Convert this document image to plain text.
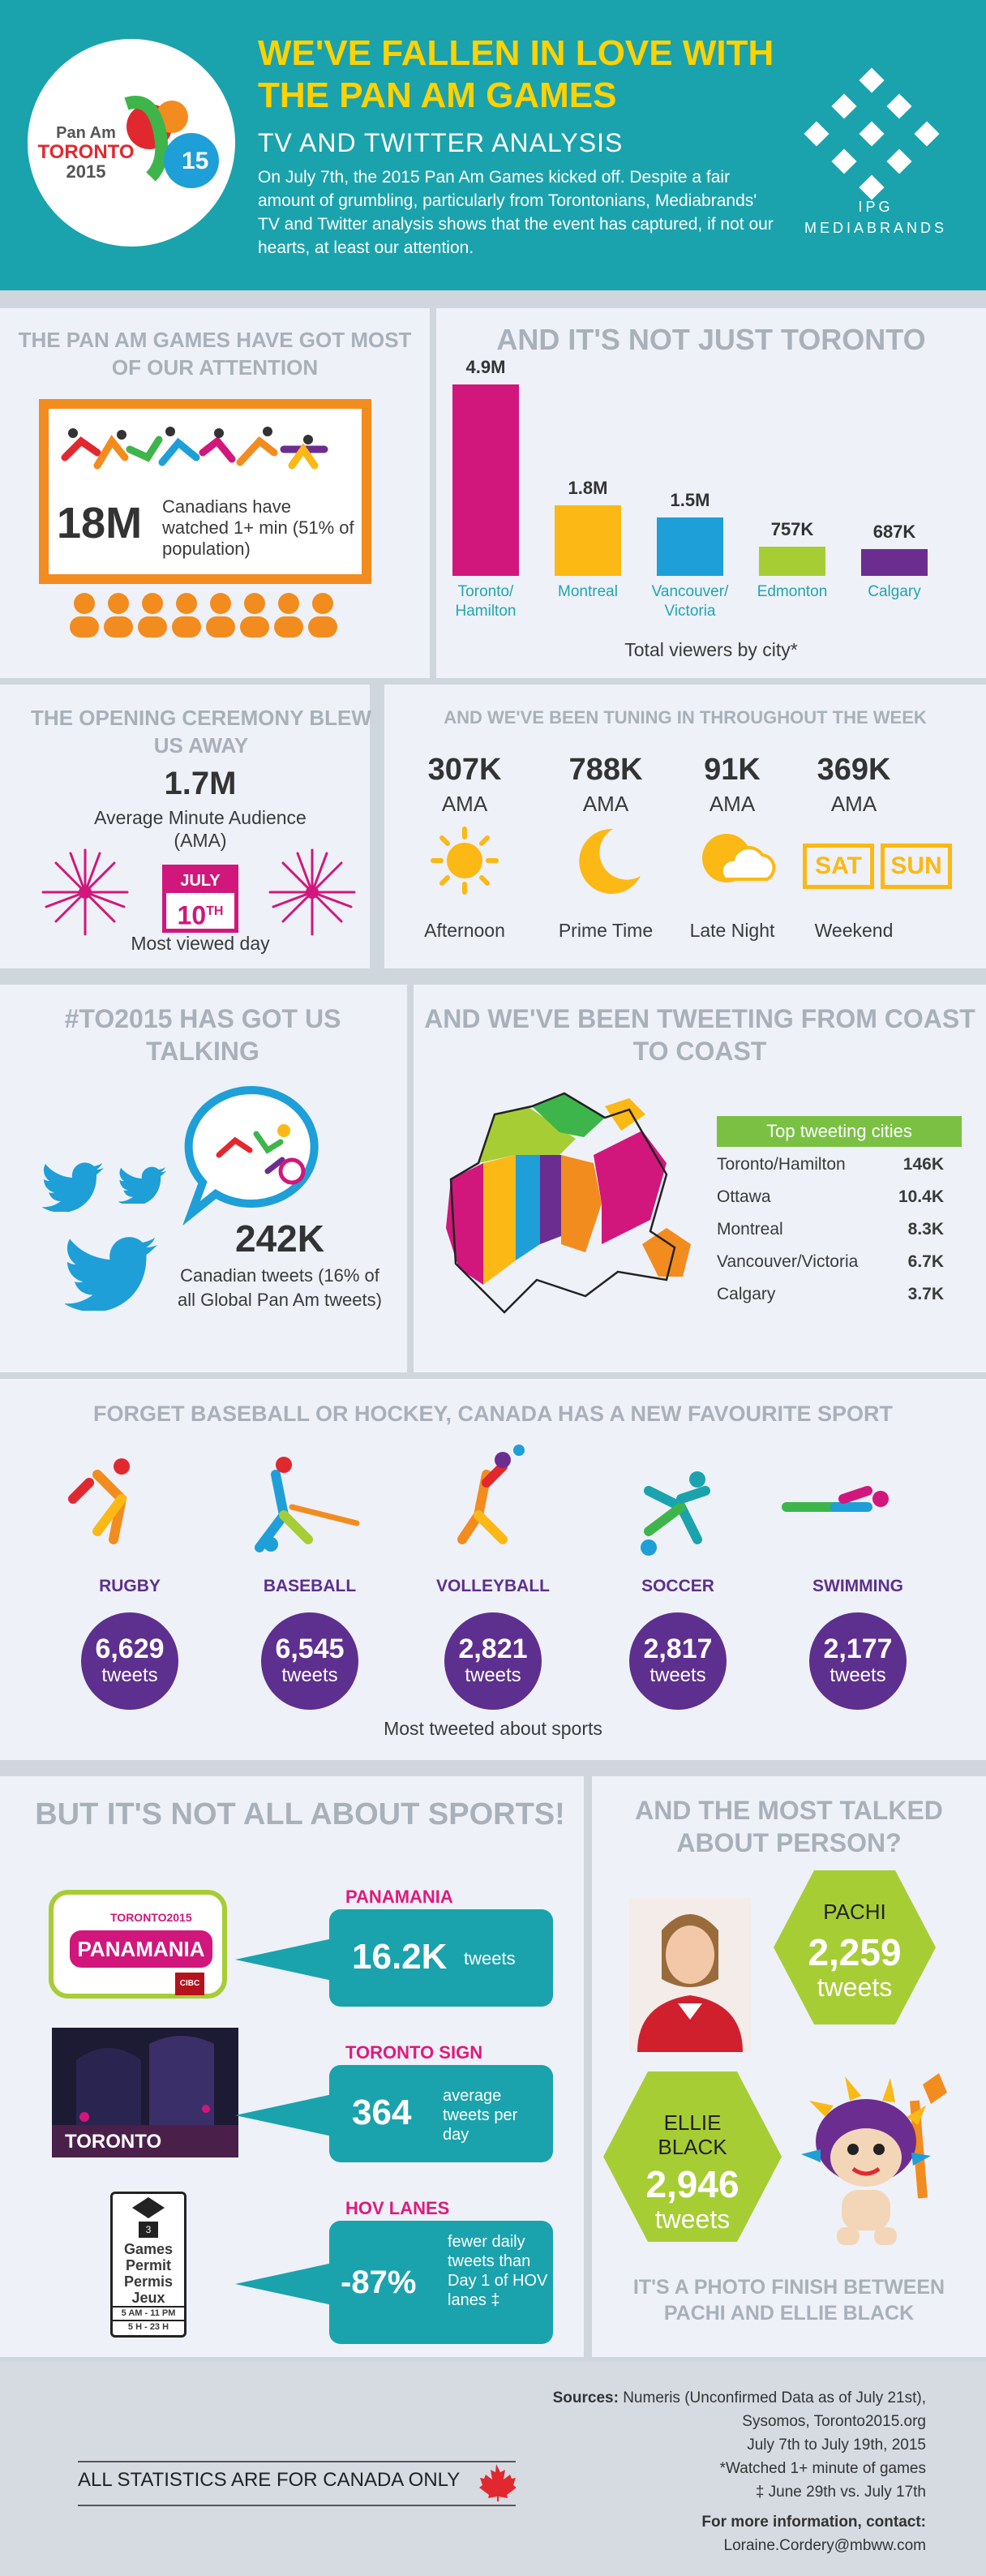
15
Pan Am
TORONTO
2015
WE'VE FALLEN IN LOVE WITH THE PAN AM GAMES
TV AND TWITTER ANALYSIS
On July 7th, the 2015 Pan Am Games kicked off. Despite a fair amount of grumbling, particularly from Torontonians, Mediabrands' TV and Twitter analysis shows that the event has captured, if not our hearts, at least our attention.
IPG
MEDIABRANDS
THE PAN AM GAMES HAVE GOT MOST OF OUR ATTENTION
18M Canadians have watched 1+ min (51% of population)
AND IT'S NOT JUST TORONTO
4.9M
Toronto/ Hamilton
1.8M
Montreal
1.5M
Vancouver/ Victoria
757K
Edmonton
687K
Calgary
Total viewers by city*
THE OPENING CEREMONY BLEW US AWAY
1.7M
Average Minute Audience (AMA)
JULY
10TH
Most viewed day
AND WE'VE BEEN TUNING IN THROUGHOUT THE WEEK
SAT	SUN
307K
AMA
Afternoon
788K
AMA
Prime Time
91K
AMA
Late Night
369K
AMA
Weekend
#TO2015 HAS GOT US TALKING
242K
Canadian tweets (16% of all Global Pan Am tweets)
AND WE'VE BEEN TWEETING FROM COAST TO COAST
Top tweeting cities
Toronto/Hamilton	146K
Ottawa	10.4K
Montreal	8.3K
Vancouver/Victoria	6.7K
Calgary	3.7K
FORGET BASEBALL OR HOCKEY, CANADA HAS A NEW FAVOURITE SPORT
Most tweeted about sports
RUGBY
6,629
tweets
BASEBALL
6,545
tweets
VOLLEYBALL
2,821
tweets
SOCCER
2,817
tweets
SWIMMING
2,177
tweets
BUT IT'S NOT ALL ABOUT SPORTS!
TORONTO2015
PANAMANIA
CIBC
PANAMANIA
16.2K tweets
TORONTO
TORONTO SIGN
364 average tweets per day
3
Games
Permit
Permis
Jeux
5 AM - 11 PM
5 H - 23 H
HOV LANES
-87%
fewer daily tweets than Day 1 of HOV lanes ‡
AND THE MOST TALKED ABOUT PERSON?
PACHI
2,259
tweets
ELLIE BLACK
2,946
tweets
IT'S A PHOTO FINISH BETWEEN PACHI AND ELLIE BLACK
ALL STATISTICS ARE FOR CANADA ONLY
Sources: Numeris (Unconfirmed Data as of July 21st),
Sysomos, Toronto2015.org
July 7th to July 19th, 2015
*Watched 1+ minute of games
‡ June 29th vs. July 17th
For more information, contact:
Loraine.Cordery@mbww.com
